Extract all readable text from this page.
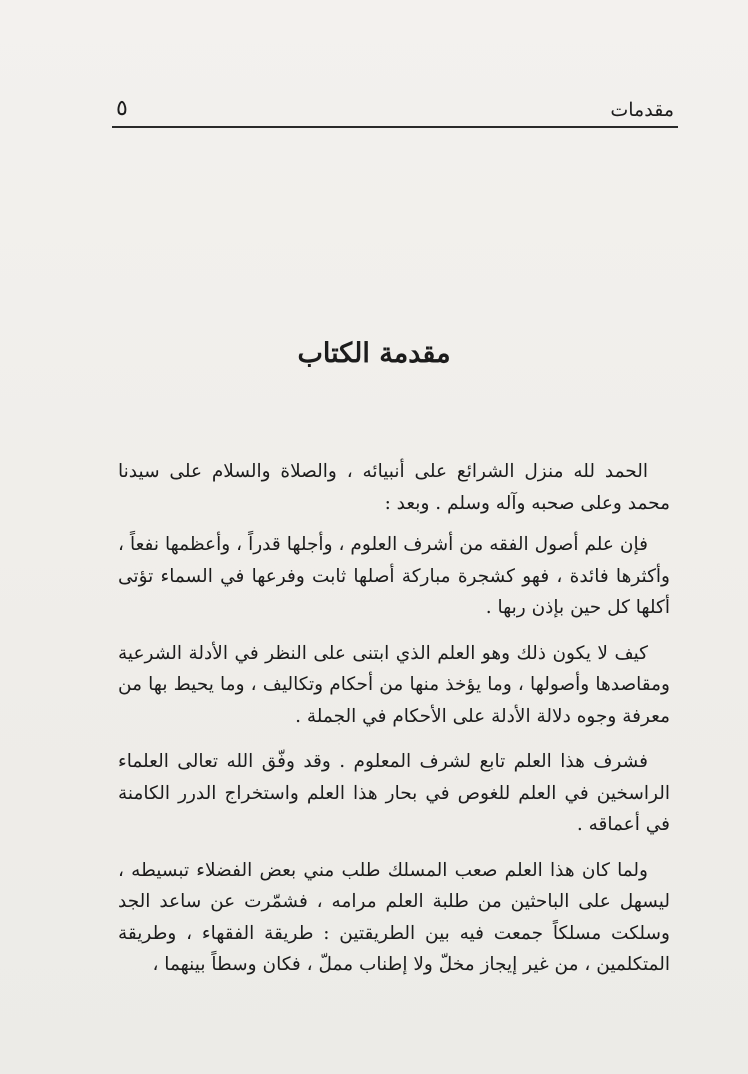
مقدمات
٥
مقدمة الكتاب

الحمد لله منزل الشرائع على أنبيائه ، والصلاة والسلام على سيدنا محمد وعلى صحبه وآله وسلم . وبعد :

فإن علم أصول الفقه من أشرف العلوم ، وأجلها قدراً ، وأعظمها نفعاً ، وأكثرها فائدة ، فهو كشجرة مباركة أصلها ثابت وفرعها في السماء تؤتى أكلها كل حين بإذن ربها .

كيف لا يكون ذلك وهو العلم الذي ابتنى على النظر في الأدلة الشرعية ومقاصدها وأصولها ، وما يؤخذ منها من أحكام وتكاليف ، وما يحيط بها من معرفة وجوه دلالة الأدلة على الأحكام في الجملة .

فشرف هذا العلم تابع لشرف المعلوم . وقد وفّق الله تعالى العلماء الراسخين في العلم للغوص في بحار هذا العلم واستخراج الدرر الكامنة في أعماقه .

ولما كان هذا العلم صعب المسلك طلب مني بعض الفضلاء تبسيطه ، ليسهل على الباحثين من طلبة العلم مرامه ، فشمّرت عن ساعد الجد وسلكت مسلكاً جمعت فيه بين الطريقتين : طريقة الفقهاء ، وطريقة المتكلمين ، من غير إيجاز مخلّ ولا إطناب مملّ ، فكان وسطاً بينهما ،
